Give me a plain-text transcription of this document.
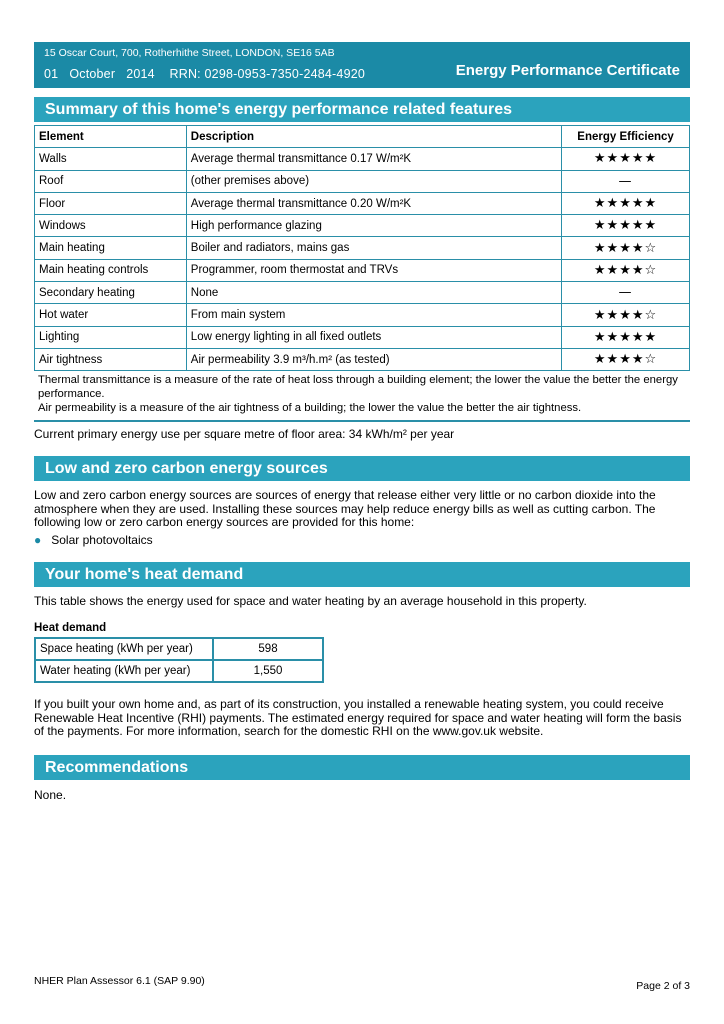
15 Oscar Court, 700, Rotherhithe Street, LONDON, SE16 5AB
01   October   2014    RRN: 0298-0953-7350-2484-4920	Energy Performance Certificate
Summary of this home's energy performance related features
Element	Description	Energy Efficiency
Walls	Average thermal transmittance 0.17 W/m²K	★★★★★
Roof	(other premises above)	—
Floor	Average thermal transmittance 0.20 W/m²K	★★★★★
Windows	High performance glazing	★★★★★
Main heating	Boiler and radiators, mains gas	★★★★☆
Main heating controls	Programmer, room thermostat and TRVs	★★★★☆
Secondary heating	None	—
Hot water	From main system	★★★★☆
Lighting	Low energy lighting in all fixed outlets	★★★★★
Air tightness	Air permeability 3.9 m³/h.m² (as tested)	★★★★☆
Thermal transmittance is a measure of the rate of heat loss through a building element; the lower the value the better the energy performance.
Air permeability is a measure of the air tightness of a building; the lower the value the better the air tightness.
Current primary energy use per square metre of floor area: 34 kWh/m² per year
Low and zero carbon energy sources
Low and zero carbon energy sources are sources of energy that release either very little or no carbon dioxide into the atmosphere when they are used. Installing these sources may help reduce energy bills as well as cutting carbon. The following low or zero carbon energy sources are provided for this home:
● Solar photovoltaics
Your home's heat demand
This table shows the energy used for space and water heating by an average household in this property.
Heat demand
Space heating (kWh per year)	598
Water heating (kWh per year)	1,550
If you built your own home and, as part of its construction, you installed a renewable heating system, you could receive Renewable Heat Incentive (RHI) payments. The estimated energy required for space and water heating will form the basis of the payments. For more information, search for the domestic RHI on the www.gov.uk website.
Recommendations
None.
NHER Plan Assessor 6.1 (SAP 9.90)	Page 2 of 3
